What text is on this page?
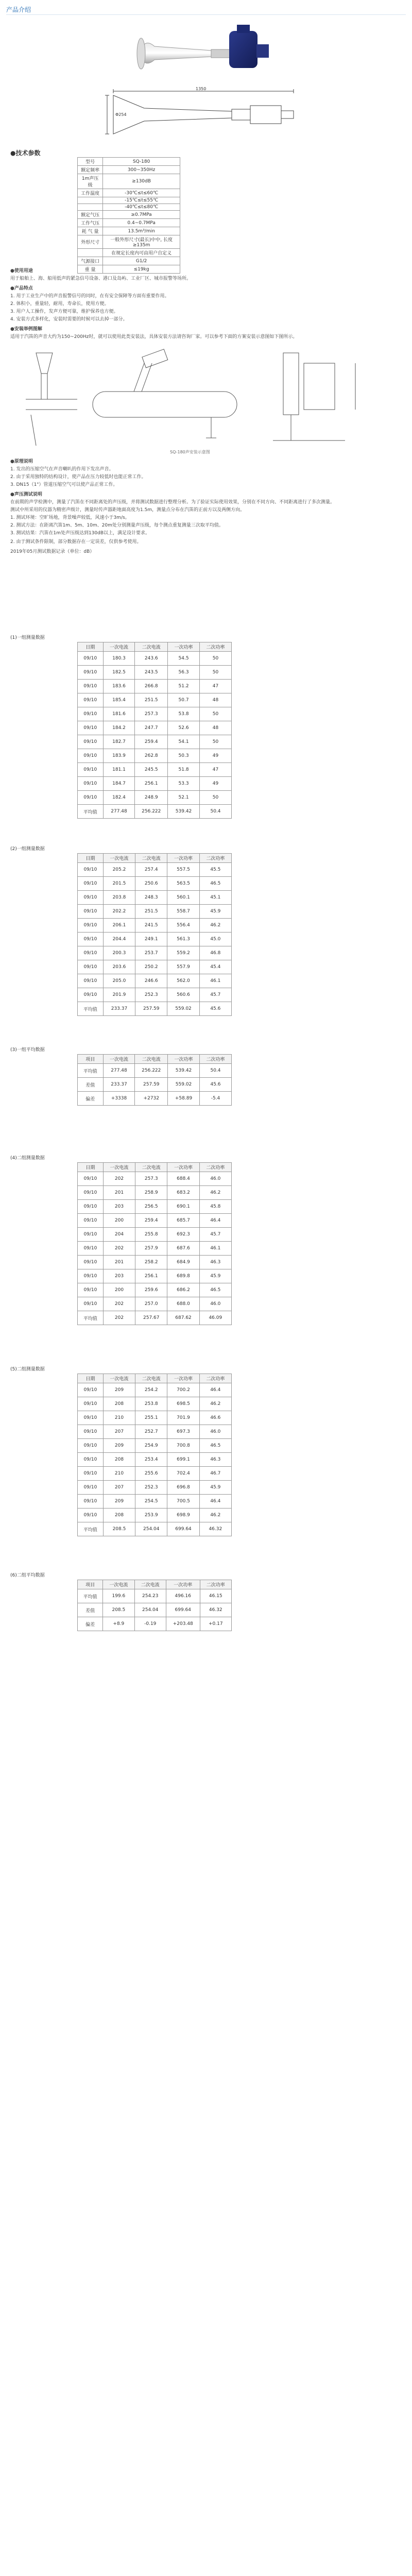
产品介绍
1350
Φ254
●技术参数
型号	SQ-180
额定频率	300~350Hz
1m声压级	≥130dB
工作温度	-30℃≤t≤60℃
	-15℃≤t≤55℃
	-40℃≤t≤80℃
额定气压	≥0.7MPa
工作气压	0.4~0.7MPa
耗 气 量	13.5m³/min
外形尺寸	一般外形尺寸(最长)中中, 长度≥135m
	在规定长度内可由用户自定义
气源接口	G1/2
重 量	≤19kg
●使用用途
用于船舶上、海、船用低声的紧急信号设备、港口及岛屿、工业厂区、城市报警等场所。
●产品特点
1. 用于工业生产中的声音报警信号的同时，在有安全保障等方面有重要作用。
2. 体积小，重量轻，耐用，寿命长，使用方便。
3. 用户人工操作，发声方便可靠，维护保养也方便。
4. 安装方式多样化，安装时需要的时候可以去掉一部分。
●安装举例图解
适用于汽笛的声音大约为150~200Hz时，就可以使用此类安装法，具体安装方法请咨询厂家。可以参考下面的方案安装示意图如下图所示。
SQ-180声安装示意图
●原理说明
1. 发出的压缩空气在声音喇叭的作用下发出声音。
2. 由于采用独特的结构设计，使产品在压力较低时也能正常工作。
3. DN15（1"）管道压缩空气可以使产品正常工作。
●声压测试说明
在前期的声学检测中，测量了汽笛在不同距离处的声压级，并将测试数据进行整理分析。为了验证实际使用效果，分别在不同方向、不同距离进行了多次测量。
测试中所采用的仪器为精密声级计，测量时传声器距地面高度为1.5m，测量点分布在汽笛的正前方以及两侧方向。
1. 测试环境：空旷场地，背景噪声较低，风速小于3m/s。
2. 测试方法：在距离汽笛1m、5m、10m、20m处分别测量声压级，每个测点重复测量三次取平均值。
3. 测试结果：汽笛在1m处声压级达到130dB以上，满足设计要求。
2. 由于测试条件限制，部分数据存在一定误差，仅供参考使用。
2019年05月测试数据记录（单位：dB）
(1)一组测量数据
日期	一次电流	二次电流	一次功率	二次功率
09/10	180.3	243.6	54.5	50
09/10	182.5	243.5	56.3	50
09/10	183.6	266.8	51.2	47
09/10	185.4	251.5	50.7	48
09/10	181.6	257.3	53.8	50
09/10	184.2	247.7	52.6	48
09/10	182.7	259.4	54.1	50
09/10	183.9	262.8	50.3	49
09/10	181.1	245.5	51.8	47
09/10	184.7	256.1	53.3	49
09/10	182.4	248.9	52.1	50
平均值	277.48	256.222	539.42	50.4
(2)一组测量数据
日期	一次电流	二次电流	一次功率	二次功率
09/10	205.2	257.4	557.5	45.5
09/10	201.5	250.6	563.5	46.5
09/10	203.8	248.3	560.1	45.1
09/10	202.2	251.5	558.7	45.9
09/10	206.1	241.5	556.4	46.2
09/10	204.4	249.1	561.3	45.0
09/10	200.3	253.7	559.2	46.8
09/10	203.6	250.2	557.9	45.4
09/10	205.0	246.6	562.0	46.1
09/10	201.9	252.3	560.6	45.7
平均值	233.37	257.59	559.02	45.6
(3)一组平均数据
项目	一次电流	二次电流	一次功率	二次功率
平均值	277.48	256.222	539.42	50.4
差值	233.37	257.59	559.02	45.6
偏差	+3338	+2732	+58.89	-5.4
(4)二组测量数据
日期	一次电流	二次电流	一次功率	二次功率
09/10	202	257.3	688.4	46.0
09/10	201	258.9	683.2	46.2
09/10	203	256.5	690.1	45.8
09/10	200	259.4	685.7	46.4
09/10	204	255.8	692.3	45.7
09/10	202	257.9	687.6	46.1
09/10	201	258.2	684.9	46.3
09/10	203	256.1	689.8	45.9
09/10	200	259.6	686.2	46.5
09/10	202	257.0	688.0	46.0
平均值	202	257.67	687.62	46.09
(5)二组测量数据
日期	一次电流	二次电流	一次功率	二次功率
09/10	209	254.2	700.2	46.4
09/10	208	253.8	698.5	46.2
09/10	210	255.1	701.9	46.6
09/10	207	252.7	697.3	46.0
09/10	209	254.9	700.8	46.5
09/10	208	253.4	699.1	46.3
09/10	210	255.6	702.4	46.7
09/10	207	252.3	696.8	45.9
09/10	209	254.5	700.5	46.4
09/10	208	253.9	698.9	46.2
平均值	208.5	254.04	699.64	46.32
(6)二组平均数据
项目	一次电流	二次电流	一次功率	二次功率
平均值	199.6	254.23	496.16	46.15
差值	208.5	254.04	699.64	46.32
偏差	+8.9	-0.19	+203.48	+0.17
